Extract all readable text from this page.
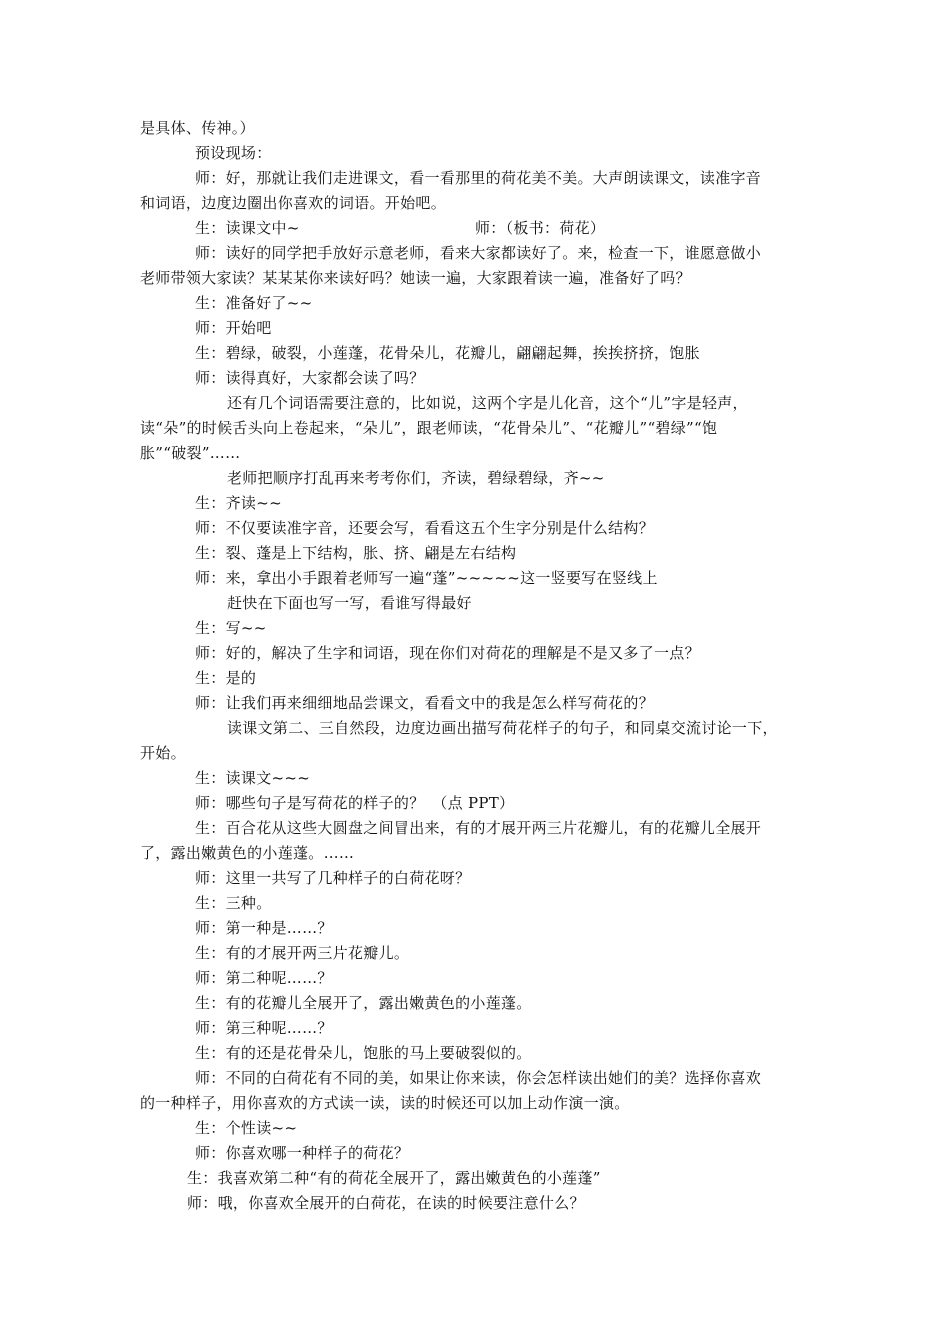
是具体、传神。）
预设现场：
师：好，那就让我们走进课文，看一看那里的荷花美不美。大声朗读课文，读准字音
和词语，边度边圈出你喜欢的词语。开始吧。
生：读课文中~	师：（板书：荷花）
师：读好的同学把手放好示意老师，看来大家都读好了。来，检查一下，谁愿意做小
老师带领大家读？某某某你来读好吗？她读一遍，大家跟着读一遍，准备好了吗？
生：准备好了~~
师：开始吧
生：碧绿，破裂，小莲蓬，花骨朵儿，花瓣儿，翩翩起舞，挨挨挤挤，饱胀
师：读得真好，大家都会读了吗？
还有几个词语需要注意的，比如说，这两个字是儿化音，这个“儿”字是轻声，
读“朵”的时候舌头向上卷起来，“朵儿”，跟老师读，“花骨朵儿”、“花瓣儿”“碧绿”“饱
胀”“破裂”……
老师把顺序打乱再来考考你们，齐读，碧绿碧绿，齐~~
生：齐读~~
师：不仅要读准字音，还要会写，看看这五个生字分别是什么结构？
生：裂、蓬是上下结构，胀、挤、翩是左右结构
师：来，拿出小手跟着老师写一遍“蓬”~~~~~这一竖要写在竖线上
赶快在下面也写一写，看谁写得最好
生：写~~
师：好的，解决了生字和词语，现在你们对荷花的理解是不是又多了一点？
生：是的
师：让我们再来细细地品尝课文，看看文中的我是怎么样写荷花的？
读课文第二、三自然段，边度边画出描写荷花样子的句子，和同桌交流讨论一下，
开始。
生：读课文~~~
师：哪些句子是写荷花的样子的？　（点 PPT）
生：百合花从这些大圆盘之间冒出来，有的才展开两三片花瓣儿，有的花瓣儿全展开
了，露出嫩黄色的小莲蓬。……
师：这里一共写了几种样子的白荷花呀？
生：三种。
师：第一种是……？
生：有的才展开两三片花瓣儿。
师：第二种呢……？
生：有的花瓣儿全展开了，露出嫩黄色的小莲蓬。
师：第三种呢……？
生：有的还是花骨朵儿，饱胀的马上要破裂似的。
师：不同的白荷花有不同的美，如果让你来读，你会怎样读出她们的美？选择你喜欢
的一种样子，用你喜欢的方式读一读，读的时候还可以加上动作演一演。
生：个性读~~
师：你喜欢哪一种样子的荷花？
生：我喜欢第二种“有的荷花全展开了，露出嫩黄色的小莲蓬”
师：哦，你喜欢全展开的白荷花，在读的时候要注意什么？
